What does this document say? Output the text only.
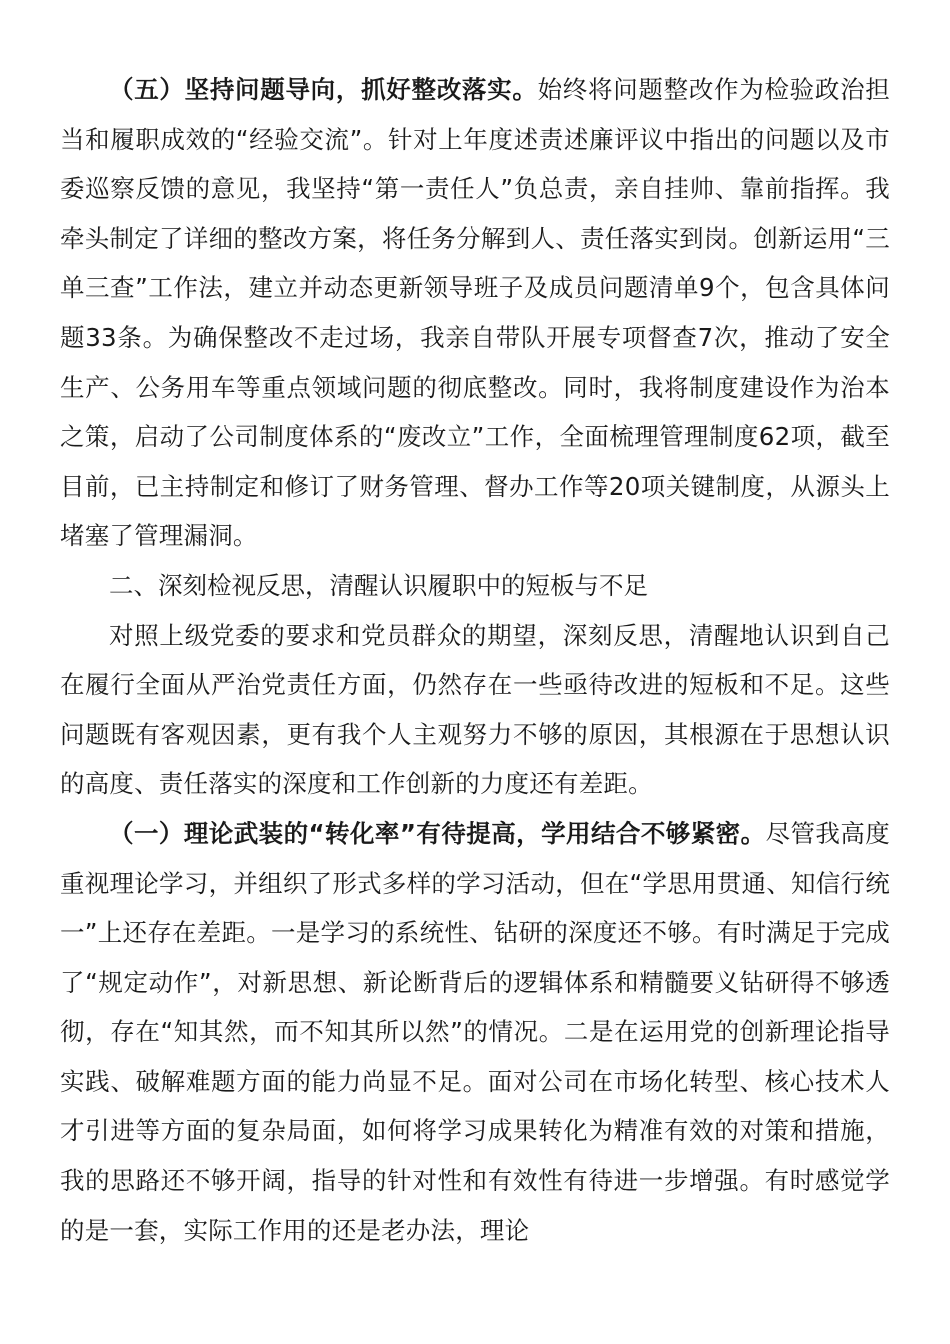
（五）坚持问题导向，抓好整改落实。始终将问题整改作为检验政治担当和履职成效的“经验交流”。针对上年度述责述廉评议中指出的问题以及市委巡察反馈的意见，我坚持“第一责任人”负总责，亲自挂帅、靠前指挥。我牵头制定了详细的整改方案，将任务分解到人、责任落实到岗。创新运用“三单三查”工作法，建立并动态更新领导班子及成员问题清单9个，包含具体问题33条。为确保整改不走过场，我亲自带队开展专项督查7次，推动了安全生产、公务用车等重点领域问题的彻底整改。同时，我将制度建设作为治本之策，启动了公司制度体系的“废改立”工作，全面梳理管理制度62项，截至目前，已主持制定和修订了财务管理、督办工作等20项关键制度，从源头上堵塞了管理漏洞。

二、深刻检视反思，清醒认识履职中的短板与不足

对照上级党委的要求和党员群众的期望，深刻反思，清醒地认识到自己在履行全面从严治党责任方面，仍然存在一些亟待改进的短板和不足。这些问题既有客观因素，更有我个人主观努力不够的原因，其根源在于思想认识的高度、责任落实的深度和工作创新的力度还有差距。

（一）理论武装的“转化率”有待提高，学用结合不够紧密。尽管我高度重视理论学习，并组织了形式多样的学习活动，但在“学思用贯通、知信行统一”上还存在差距。一是学习的系统性、钻研的深度还不够。有时满足于完成了“规定动作”，对新思想、新论断背后的逻辑体系和精髓要义钻研得不够透彻，存在“知其然，而不知其所以然”的情况。二是在运用党的创新理论指导实践、破解难题方面的能力尚显不足。面对公司在市场化转型、核心技术人才引进等方面的复杂局面，如何将学习成果转化为精准有效的对策和措施，我的思路还不够开阔，指导的针对性和有效性有待进一步增强。有时感觉学的是一套，实际工作用的还是老办法，理论
